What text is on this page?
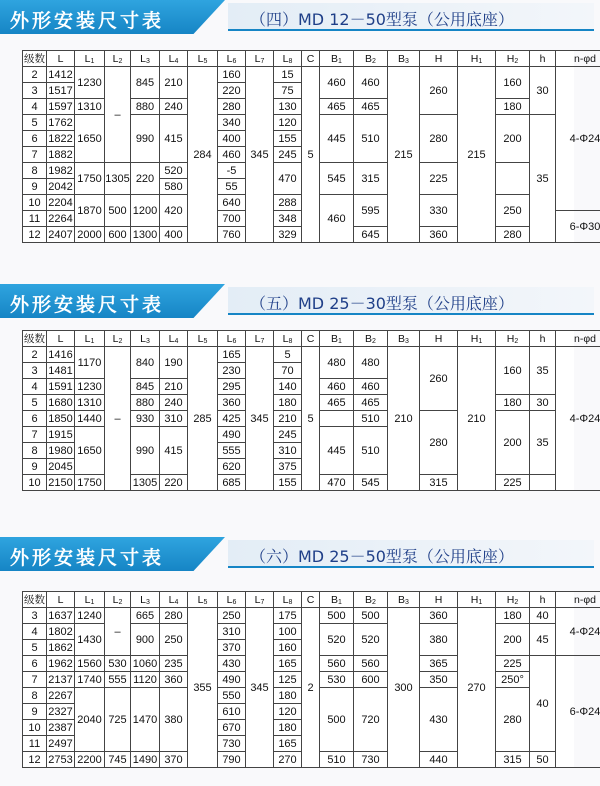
外形安装尺寸表	（四）MD 12－50型泵（公用底座）
级数	L	$L_1$	$L_2$	$L_3$	$L_4$	$L_5$	$L_6$	$L_7$	$L_8$	C	$B_1$	$B_2$	$B_3$	H	$H_1$	$H_2$	h	n-φd
2	1412	1230	–	845	210	284	160	345	15	5	460	460	215	260	215	160	30	4-Φ24
3	1517						220		75									
4	1597	1310		880	240		280		130		465	465				180		
5	1762	1650		990	415		340		120		445	510		280		200	35	
6	1822						400		155									
7	1882						460		245									
8	1982	1750	1305	220	520		-5		470		545	315		225				
9	2042				580		55											
10	2204	1870	500	1200	420		640		288		460	595		330		250		
11	2264						700		348									6-Φ30
12	2407	2000	600	1300	400		760		329			645		360		280		
外形安装尺寸表	（五）MD 25－30型泵（公用底座）
级数	L	$L_1$	$L_2$	$L_3$	$L_4$	$L_5$	$L_6$	$L_7$	$L_8$	C	$B_1$	$B_2$	$B_3$	H	$H_1$	$H_2$	h	n-φd
2	1416	1170	–	840	190	285	165	345	5	5	480	480	210	260	210	160	35	4-Φ24
3	1481						230		70									
4	1591	1230		845	210		295		140		460	460						
5	1680	1310		880	240		360		180		465	465				180	30	
6	1850	1440		930	310		425		210			510		280		200	35	
7	1915	1650		990	415		490		245		445	510						
8	1980						555		310									
9	2045						620		375									
10	2150	1750		1305	220		685		155		470	545		315		225		
外形安装尺寸表	（六）MD 25－50型泵（公用底座）
级数	L	$L_1$	$L_2$	$L_3$	$L_4$	$L_5$	$L_6$	$L_7$	$L_8$	C	$B_1$	$B_2$	$B_3$	H	$H_1$	$H_2$	h	n-φd
3	1637	1240	–	665	280	355	250	345	175	2	500	500	300	360	270	180	40	4-Φ24
4	1802	1430		900	250		310		100		520	520		380		200	45	
5	1862						370		160									
6	1962	1560	530	1060	235		430		165		560	560		365		225	40	6-Φ24
7	2137	1740	555	1120	360		490		125		530	600		350		250°		
8	2267	2040	725	1470	380		550		180		500	720		430		280		
9	2327						610		120									
10	2387						670		180									
11	2497						730		165									
12	2753	2200	745	1490	370		790		270		510	730		440		315	50	
